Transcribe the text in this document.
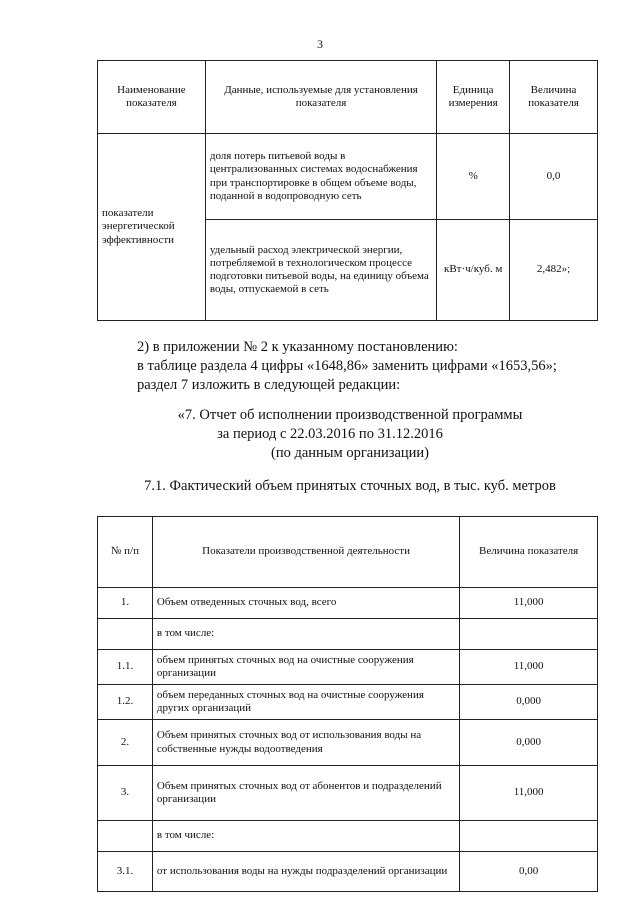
3
Наименование показателя	Данные, используемые для установления показателя	Единица измерения	Величина показателя
показатели энергетической эффективности	доля потерь питьевой воды в централизованных системах водоснабжения при транспортировке в общем объеме воды, поданной в водопроводную сеть	%	0,0
	удельный расход электрической энергии, потребляемой в технологическом процессе подготовки питьевой воды, на единицу объема воды, отпускаемой в сеть	кВт·ч/куб. м	2,482»;
2) в приложении № 2 к указанному постановлению:
в таблице раздела 4 цифры «1648,86» заменить цифрами «1653,56»;
раздел 7 изложить в следующей редакции:
«7. Отчет об исполнении производственной программы
за период с 22.03.2016 по 31.12.2016
(по данным организации)
7.1. Фактический объем принятых сточных вод, в тыс. куб. метров
№ п/п	Показатели производственной деятельности	Величина показателя
1.	Объем отведенных сточных вод, всего	11,000
	в том числе:	
1.1.	объем принятых сточных вод на очистные сооружения организации	11,000
1.2.	объем переданных сточных вод на очистные сооружения других организаций	0,000
2.	Объем принятых сточных вод от использования воды на собственные нужды водоотведения	0,000
3.	Объем принятых сточных вод от абонентов и подразделений организации	11,000
	в том числе:	
3.1.	от использования воды на нужды подразделений организации	0,00
